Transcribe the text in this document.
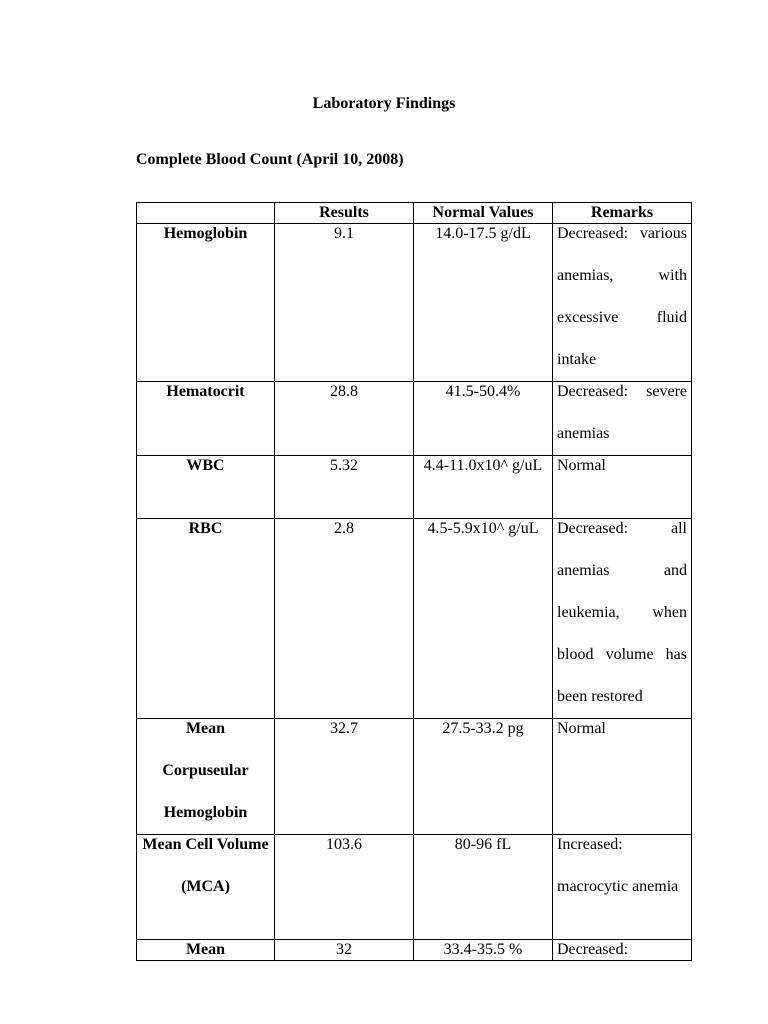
Laboratory Findings
Complete Blood Count (April 10, 2008)
	Results	Normal Values	Remarks

Hemoglobin	9.1	14.0-17.5 g/dL	Decreased: various anemias, with excessive fluid intake

Hematocrit	28.8	41.5-50.4%	Decreased: severe anemias

WBC	5.32	4.4-11.0x10^ g/uL	Normal

RBC	2.8	4.5-5.9x10^ g/uL	Decreased: all anemias and leukemia, when blood volume has been restored

Mean Corpuseular Hemoglobin	32.7	27.5-33.2 pg	Normal

Mean Cell Volume (MCA)	103.6	80-96 fL	Increased: macrocytic anemia

Mean	32	33.4-35.5 %	Decreased:
